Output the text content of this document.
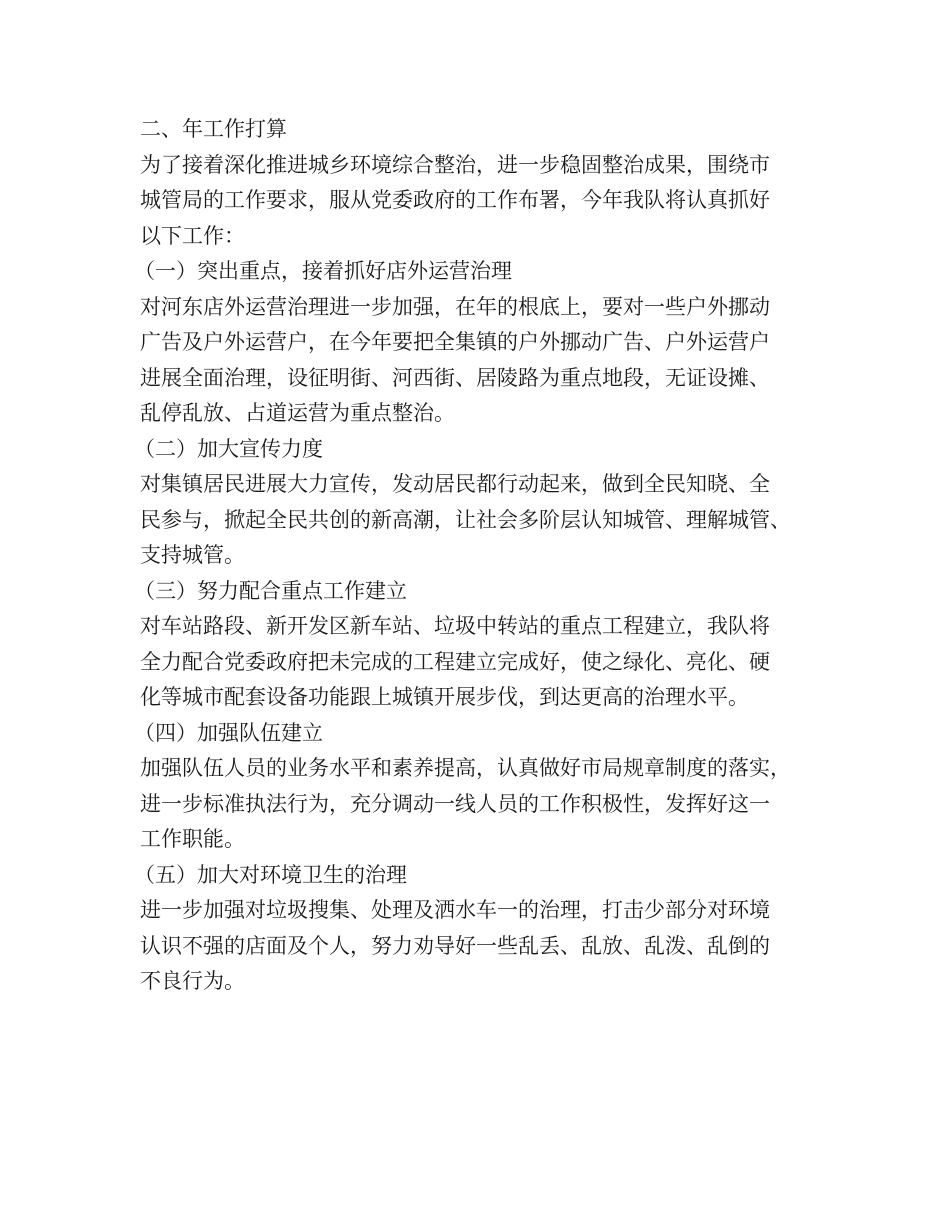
二、年工作打算
为了接着深化推进城乡环境综合整治，进一步稳固整治成果，围绕市
城管局的工作要求，服从党委政府的工作布署，今年我队将认真抓好
以下工作：
（一）突出重点，接着抓好店外运营治理
对河东店外运营治理进一步加强，在年的根底上，要对一些户外挪动
广告及户外运营户，在今年要把全集镇的户外挪动广告、户外运营户
进展全面治理，设征明街、河西街、居陵路为重点地段，无证设摊、
乱停乱放、占道运营为重点整治。
（二）加大宣传力度
对集镇居民进展大力宣传，发动居民都行动起来，做到全民知晓、全
民参与，掀起全民共创的新高潮，让社会多阶层认知城管、理解城管、
支持城管。
（三）努力配合重点工作建立
对车站路段、新开发区新车站、垃圾中转站的重点工程建立，我队将
全力配合党委政府把未完成的工程建立完成好，使之绿化、亮化、硬
化等城市配套设备功能跟上城镇开展步伐，到达更高的治理水平。
（四）加强队伍建立
加强队伍人员的业务水平和素养提高，认真做好市局规章制度的落实，
进一步标准执法行为，充分调动一线人员的工作积极性，发挥好这一
工作职能。
（五）加大对环境卫生的治理
进一步加强对垃圾搜集、处理及洒水车一的治理，打击少部分对环境
认识不强的店面及个人，努力劝导好一些乱丢、乱放、乱泼、乱倒的
不良行为。
